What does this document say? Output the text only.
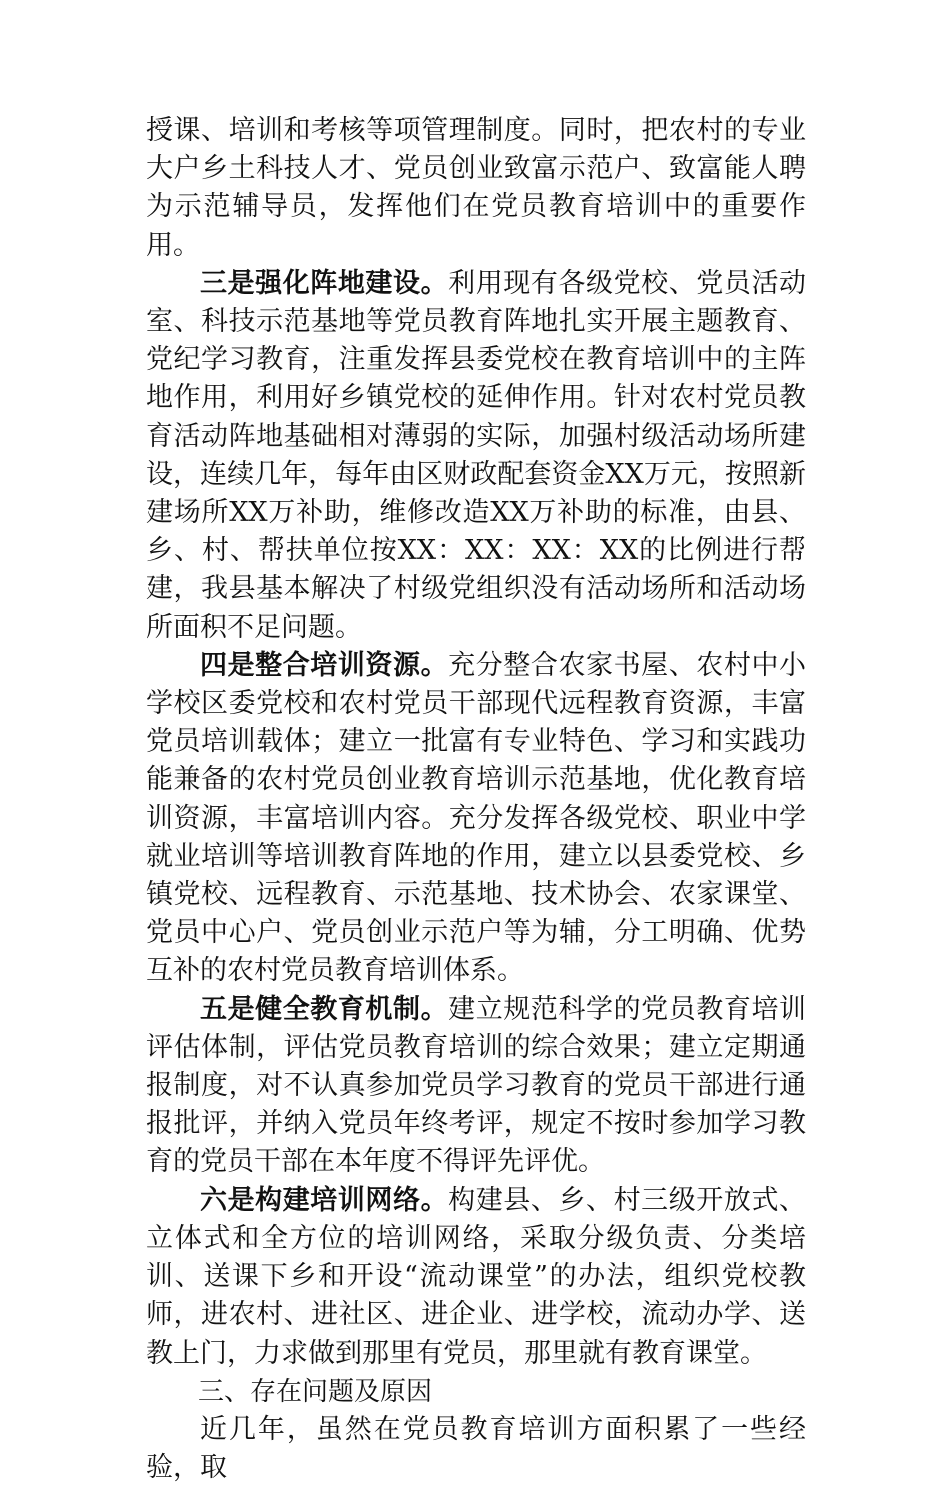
授课、培训和考核等项管理制度。同时，把农村的专业大户乡土科技人才、党员创业致富示范户、致富能人聘为示范辅导员，发挥他们在党员教育培训中的重要作用。

三是强化阵地建设。利用现有各级党校、党员活动室、科技示范基地等党员教育阵地扎实开展主题教育、党纪学习教育，注重发挥县委党校在教育培训中的主阵地作用，利用好乡镇党校的延伸作用。针对农村党员教育活动阵地基础相对薄弱的实际，加强村级活动场所建设，连续几年，每年由区财政配套资金XX万元，按照新建场所XX万补助，维修改造XX万补助的标准，由县、乡、村、帮扶单位按XX：XX：XX：XX的比例进行帮建，我县基本解决了村级党组织没有活动场所和活动场所面积不足问题。

四是整合培训资源。充分整合农家书屋、农村中小学校区委党校和农村党员干部现代远程教育资源，丰富党员培训载体；建立一批富有专业特色、学习和实践功能兼备的农村党员创业教育培训示范基地，优化教育培训资源，丰富培训内容。充分发挥各级党校、职业中学就业培训等培训教育阵地的作用，建立以县委党校、乡镇党校、远程教育、示范基地、技术协会、农家课堂、党员中心户、党员创业示范户等为辅，分工明确、优势互补的农村党员教育培训体系。

五是健全教育机制。建立规范科学的党员教育培训评估体制，评估党员教育培训的综合效果；建立定期通报制度，对不认真参加党员学习教育的党员干部进行通报批评，并纳入党员年终考评，规定不按时参加学习教育的党员干部在本年度不得评先评优。

六是构建培训网络。构建县、乡、村三级开放式、立体式和全方位的培训网络，采取分级负责、分类培训、送课下乡和开设“流动课堂”的办法，组织党校教师，进农村、进社区、进企业、进学校，流动办学、送教上门，力求做到那里有党员，那里就有教育课堂。

三、存在问题及原因

近几年，虽然在党员教育培训方面积累了一些经验，取
